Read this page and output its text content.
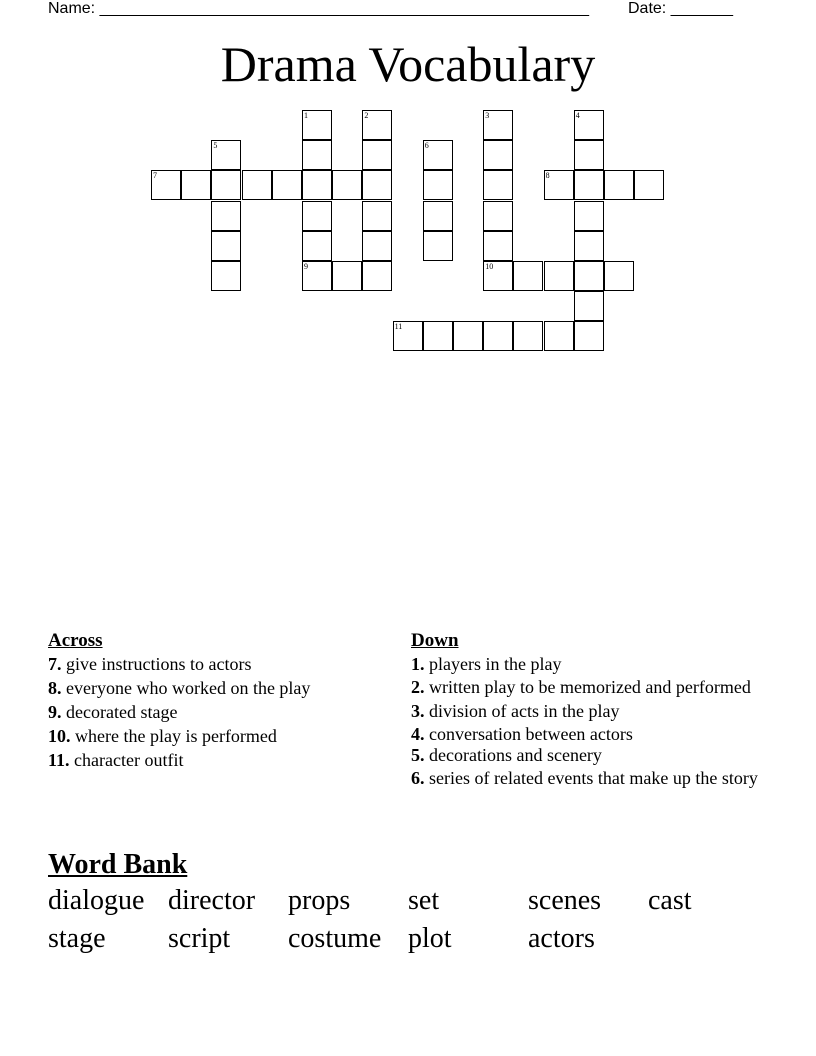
Name: _______________________________________________________ Date: _______
Drama Vocabulary
1	2	3	4
5	6
7	8
9	10
11
Across
7. give instructions to actors
8. everyone who worked on the play
9. decorated stage
10. where the play is performed
11. character outfit
Down
1. players in the play
2. written play to be memorized and performed
3. division of acts in the play
4. conversation between actors
5. decorations and scenery
6. series of related events that make up the story
Word Bank
dialogue director	props	set	scenes	cast
stage	script	costume plot	actors
